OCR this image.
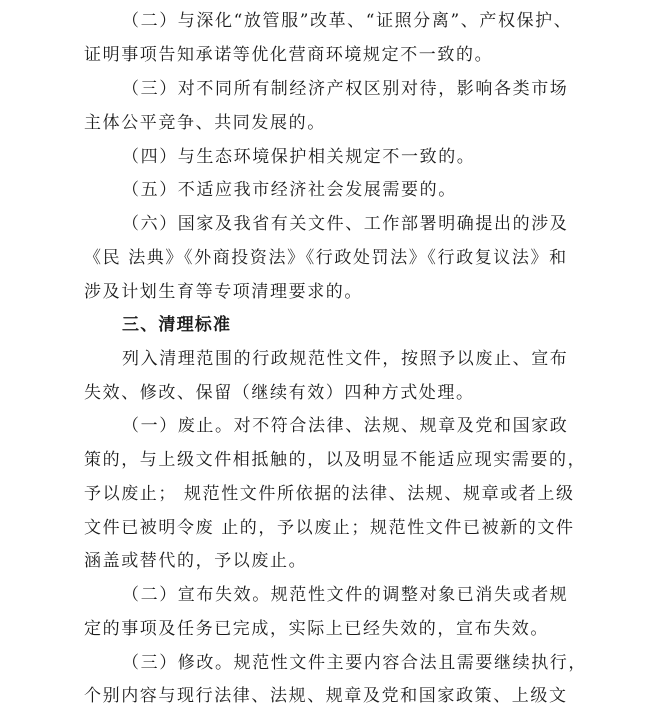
（二）与深化“放管服”改革、“证照分离”、产权保护、
证明事项告知承诺等优化营商环境规定不一致的。
（三）对不同所有制经济产权区别对待，影响各类市场
主体公平竞争、共同发展的。
（四）与生态环境保护相关规定不一致的。
（五）不适应我市经济社会发展需要的。
（六）国家及我省有关文件、工作部署明确提出的涉及
《民 法典》《外商投资法》《行政处罚法》《行政复议法》和
涉及计划生育等专项清理要求的。
三、清理标准
列入清理范围的行政规范性文件，按照予以废止、宣布
失效、修改、保留（继续有效）四种方式处理。
（一）废止。对不符合法律、法规、规章及党和国家政
策的，与上级文件相抵触的，以及明显不能适应现实需要的，
予以废止； 规范性文件所依据的法律、法规、规章或者上级
文件已被明令废 止的，予以废止；规范性文件已被新的文件
涵盖或替代的，予以废止。
（二）宣布失效。规范性文件的调整对象已消失或者规
定的事项及任务已完成，实际上已经失效的，宣布失效。
（三）修改。规范性文件主要内容合法且需要继续执行，
个别内容与现行法律、法规、规章及党和国家政策、上级文
